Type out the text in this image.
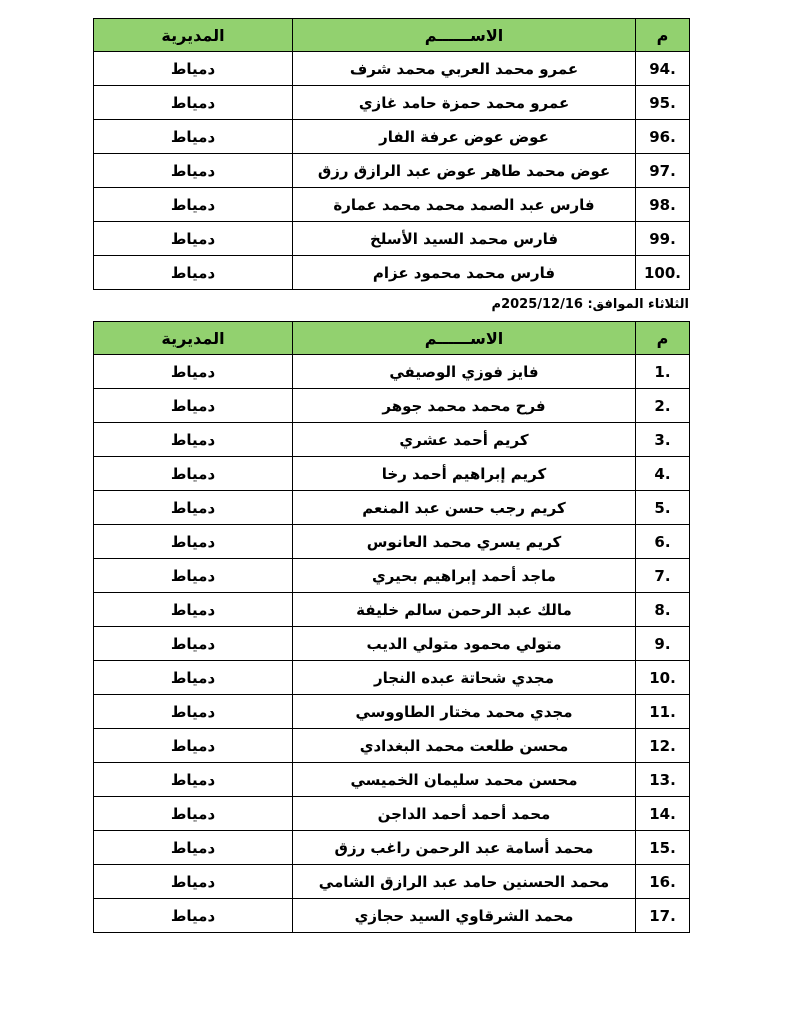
م	الاســــــم	المديرية
94.	عمرو محمد العربي محمد شرف	دمياط
95.	عمرو محمد حمزة حامد غازي	دمياط
96.	عوض عوض عرفة الفار	دمياط
97.	عوض محمد طاهر عوض عبد الرازق رزق	دمياط
98.	فارس عبد الصمد محمد محمد عمارة	دمياط
99.	فارس محمد السيد الأسلخ	دمياط
100.	فارس محمد محمود عزام	دمياط
الثلاثاء الموافق: 2025/12/16م
م	الاســــــم	المديرية
1.	فايز فوزي الوصيفي	دمياط
2.	فرح محمد محمد جوهر	دمياط
3.	كريم أحمد عشري	دمياط
4.	كريم إبراهيم أحمد رخا	دمياط
5.	كريم رجب حسن عبد المنعم	دمياط
6.	كريم يسري محمد العانوس	دمياط
7.	ماجد أحمد إبراهيم بحيري	دمياط
8.	مالك عبد الرحمن سالم خليفة	دمياط
9.	متولي محمود متولي الديب	دمياط
10.	مجدي شحاتة عبده النجار	دمياط
11.	مجدي محمد مختار الطاووسي	دمياط
12.	محسن طلعت محمد البغدادي	دمياط
13.	محسن محمد سليمان الخميسي	دمياط
14.	محمد أحمد أحمد الداجن	دمياط
15.	محمد أسامة عبد الرحمن راغب رزق	دمياط
16.	محمد الحسنين حامد عبد الرازق الشامي	دمياط
17.	محمد الشرقاوي السيد حجازي	دمياط
